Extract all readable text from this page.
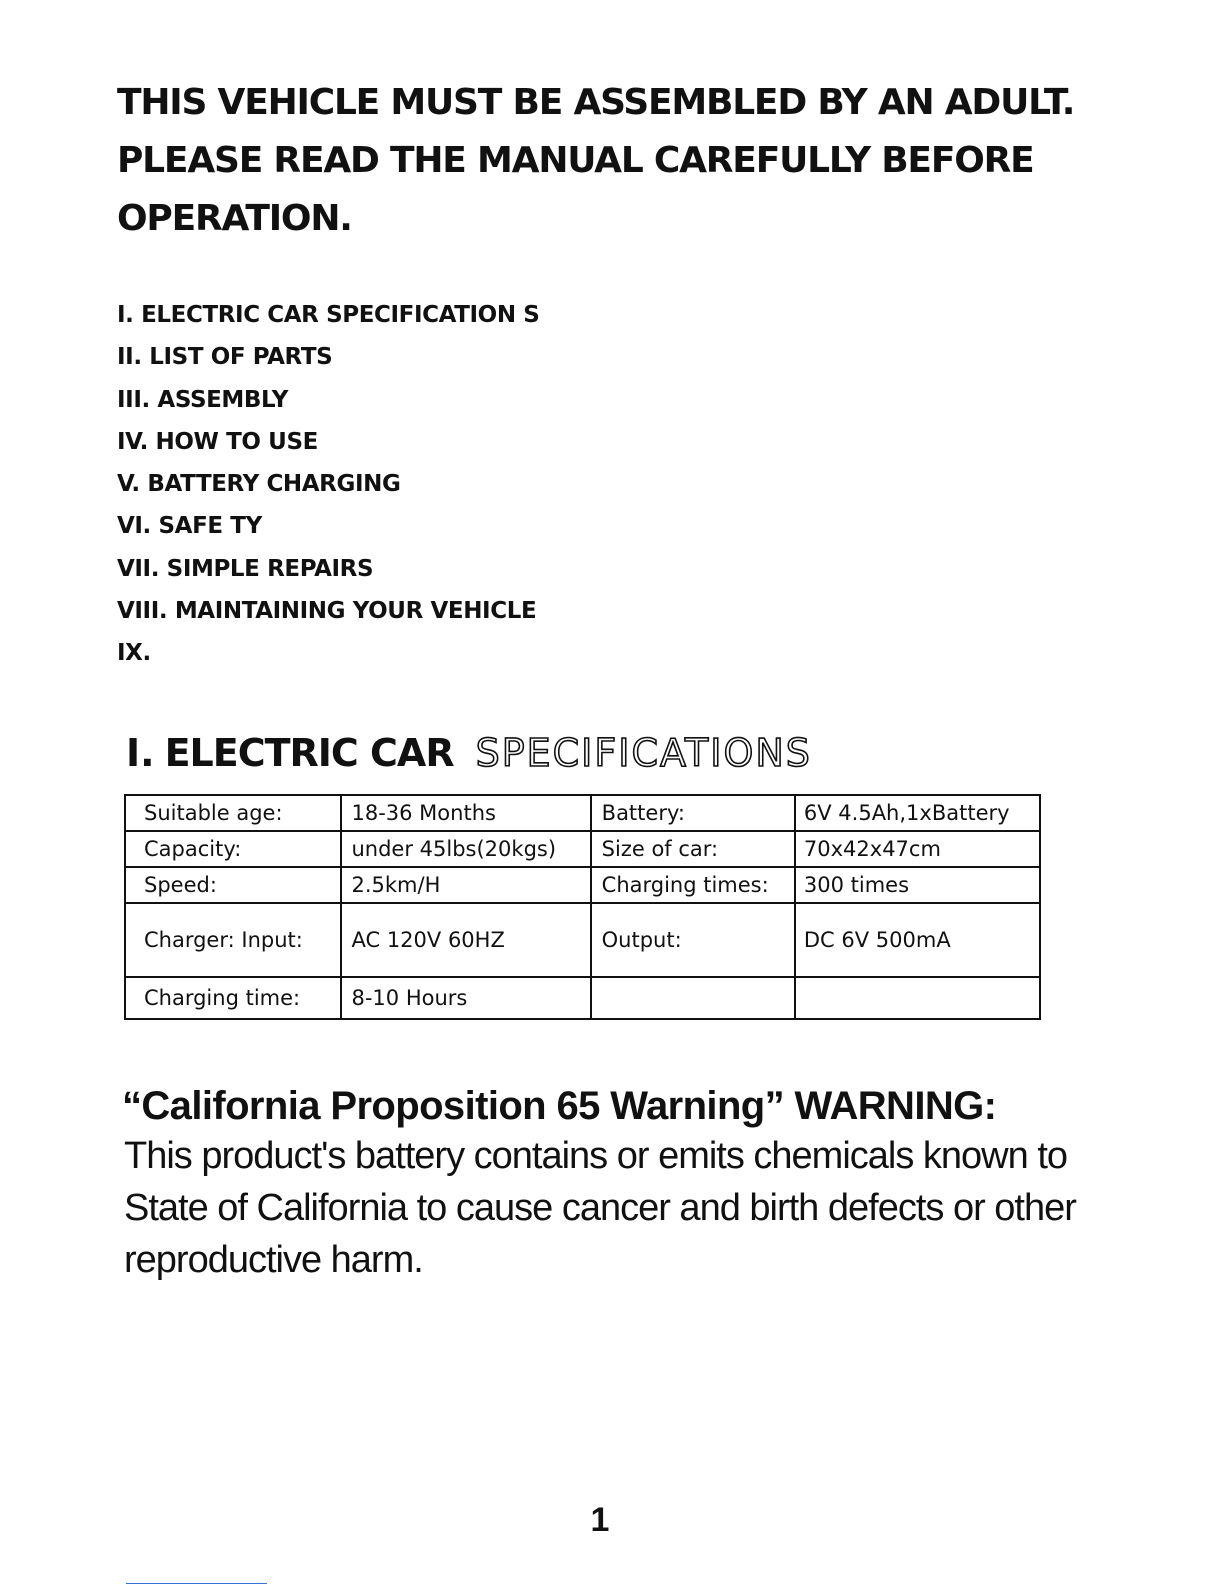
THIS VEHICLE MUST BE ASSEMBLED BY AN ADULT.
PLEASE READ THE MANUAL CAREFULLY BEFORE
OPERATION.
I. ELECTRIC CAR SPECIFICATION S
II. LIST OF PARTS
III. ASSEMBLY
IV. HOW TO USE
V. BATTERY CHARGING
VI. SAFE TY
VII. SIMPLE REPAIRS
VIII. MAINTAINING YOUR VEHICLE
IX.
I. ELECTRIC CAR SPECIFICATIONS
Suitable age:	18-36 Months	Battery:	6V 4.5Ah,1xBattery
Capacity:	under 45lbs(20kgs)	Size of car:	70x42x47cm
Speed:	2.5km/H	Charging times:	300 times
Charger: Input:	AC 120V 60HZ	Output:	DC 6V 500mA
Charging time:	8-10 Hours		
“California Proposition 65 Warning” WARNING:
This product's battery contains or emits chemicals known to
State of California to cause cancer and birth defects or other
reproductive harm.
1
